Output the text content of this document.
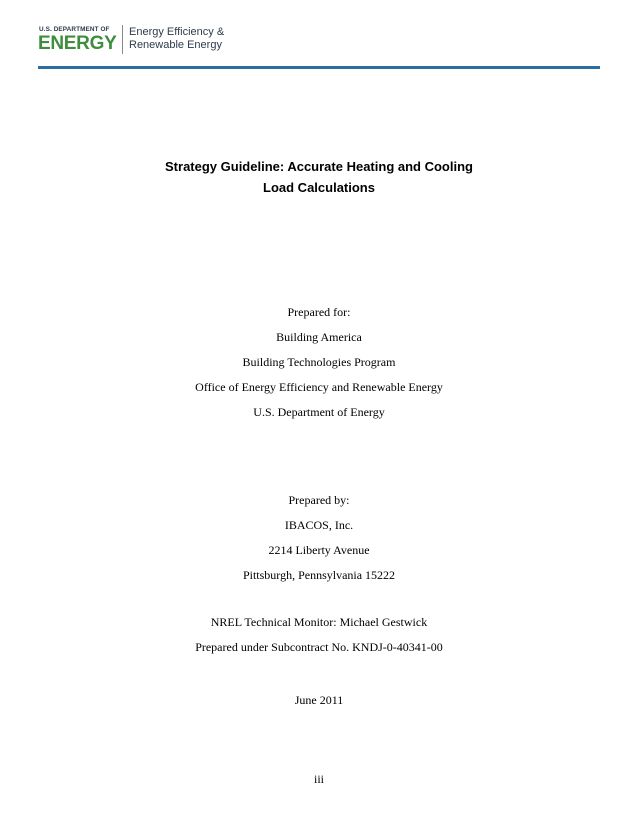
U.S. DEPARTMENT OF
ENERGY
Energy Efficiency &
Renewable Energy
Strategy Guideline: Accurate Heating and Cooling
Load Calculations
Prepared for:
Building America
Building Technologies Program
Office of Energy Efficiency and Renewable Energy
U.S. Department of Energy
Prepared by:
IBACOS, Inc.
2214 Liberty Avenue
Pittsburgh, Pennsylvania 15222
NREL Technical Monitor: Michael Gestwick
Prepared under Subcontract No. KNDJ-0-40341-00
June 2011
iii
